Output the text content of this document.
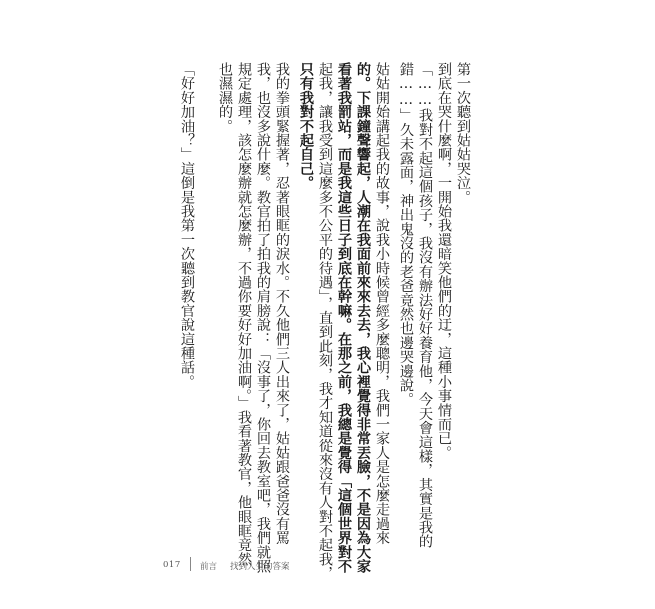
第一次聽到姑姑哭泣。
到底在哭什麼啊，一開始我還暗笑他們的迂，這種小事情而已。
「……我對不起這個孩子，我沒有辦法好好養育他，今天會這樣，其實是我的
錯……」久未露面，神出鬼沒的老爸竟然也邊哭邊說。
姑姑開始講起我的故事，說我小時候曾經多麼聰明，我們一家人是怎麼走過來
的。下課鐘聲響起，人潮在我面前來來去去，我心裡覺得非常丟臉，不是因為大家
看著我罰站，而是我這些日子到底在幹嘛。在那之前，我總是覺得「這個世界對不
起我，讓我受到這麼多不公平的待遇」，直到此刻，我才知道從來沒有人對不起我，
只有我對不起自己。
我的拳頭緊握著，忍著眼眶的淚水。不久他們三人出來了，姑姑跟爸爸沒有罵
我，也沒多說什麼。教官拍了拍我的肩膀說：「沒事了，你回去教室吧，我們就照
規定處理，該怎麼辦就怎麼辦，不過你要好好加油啊。」我看著教官，他眼眶竟然
也濕濕的。
「好好加油？」這倒是我第一次聽到教官說這種話。
017 前言 找到人生的答案
